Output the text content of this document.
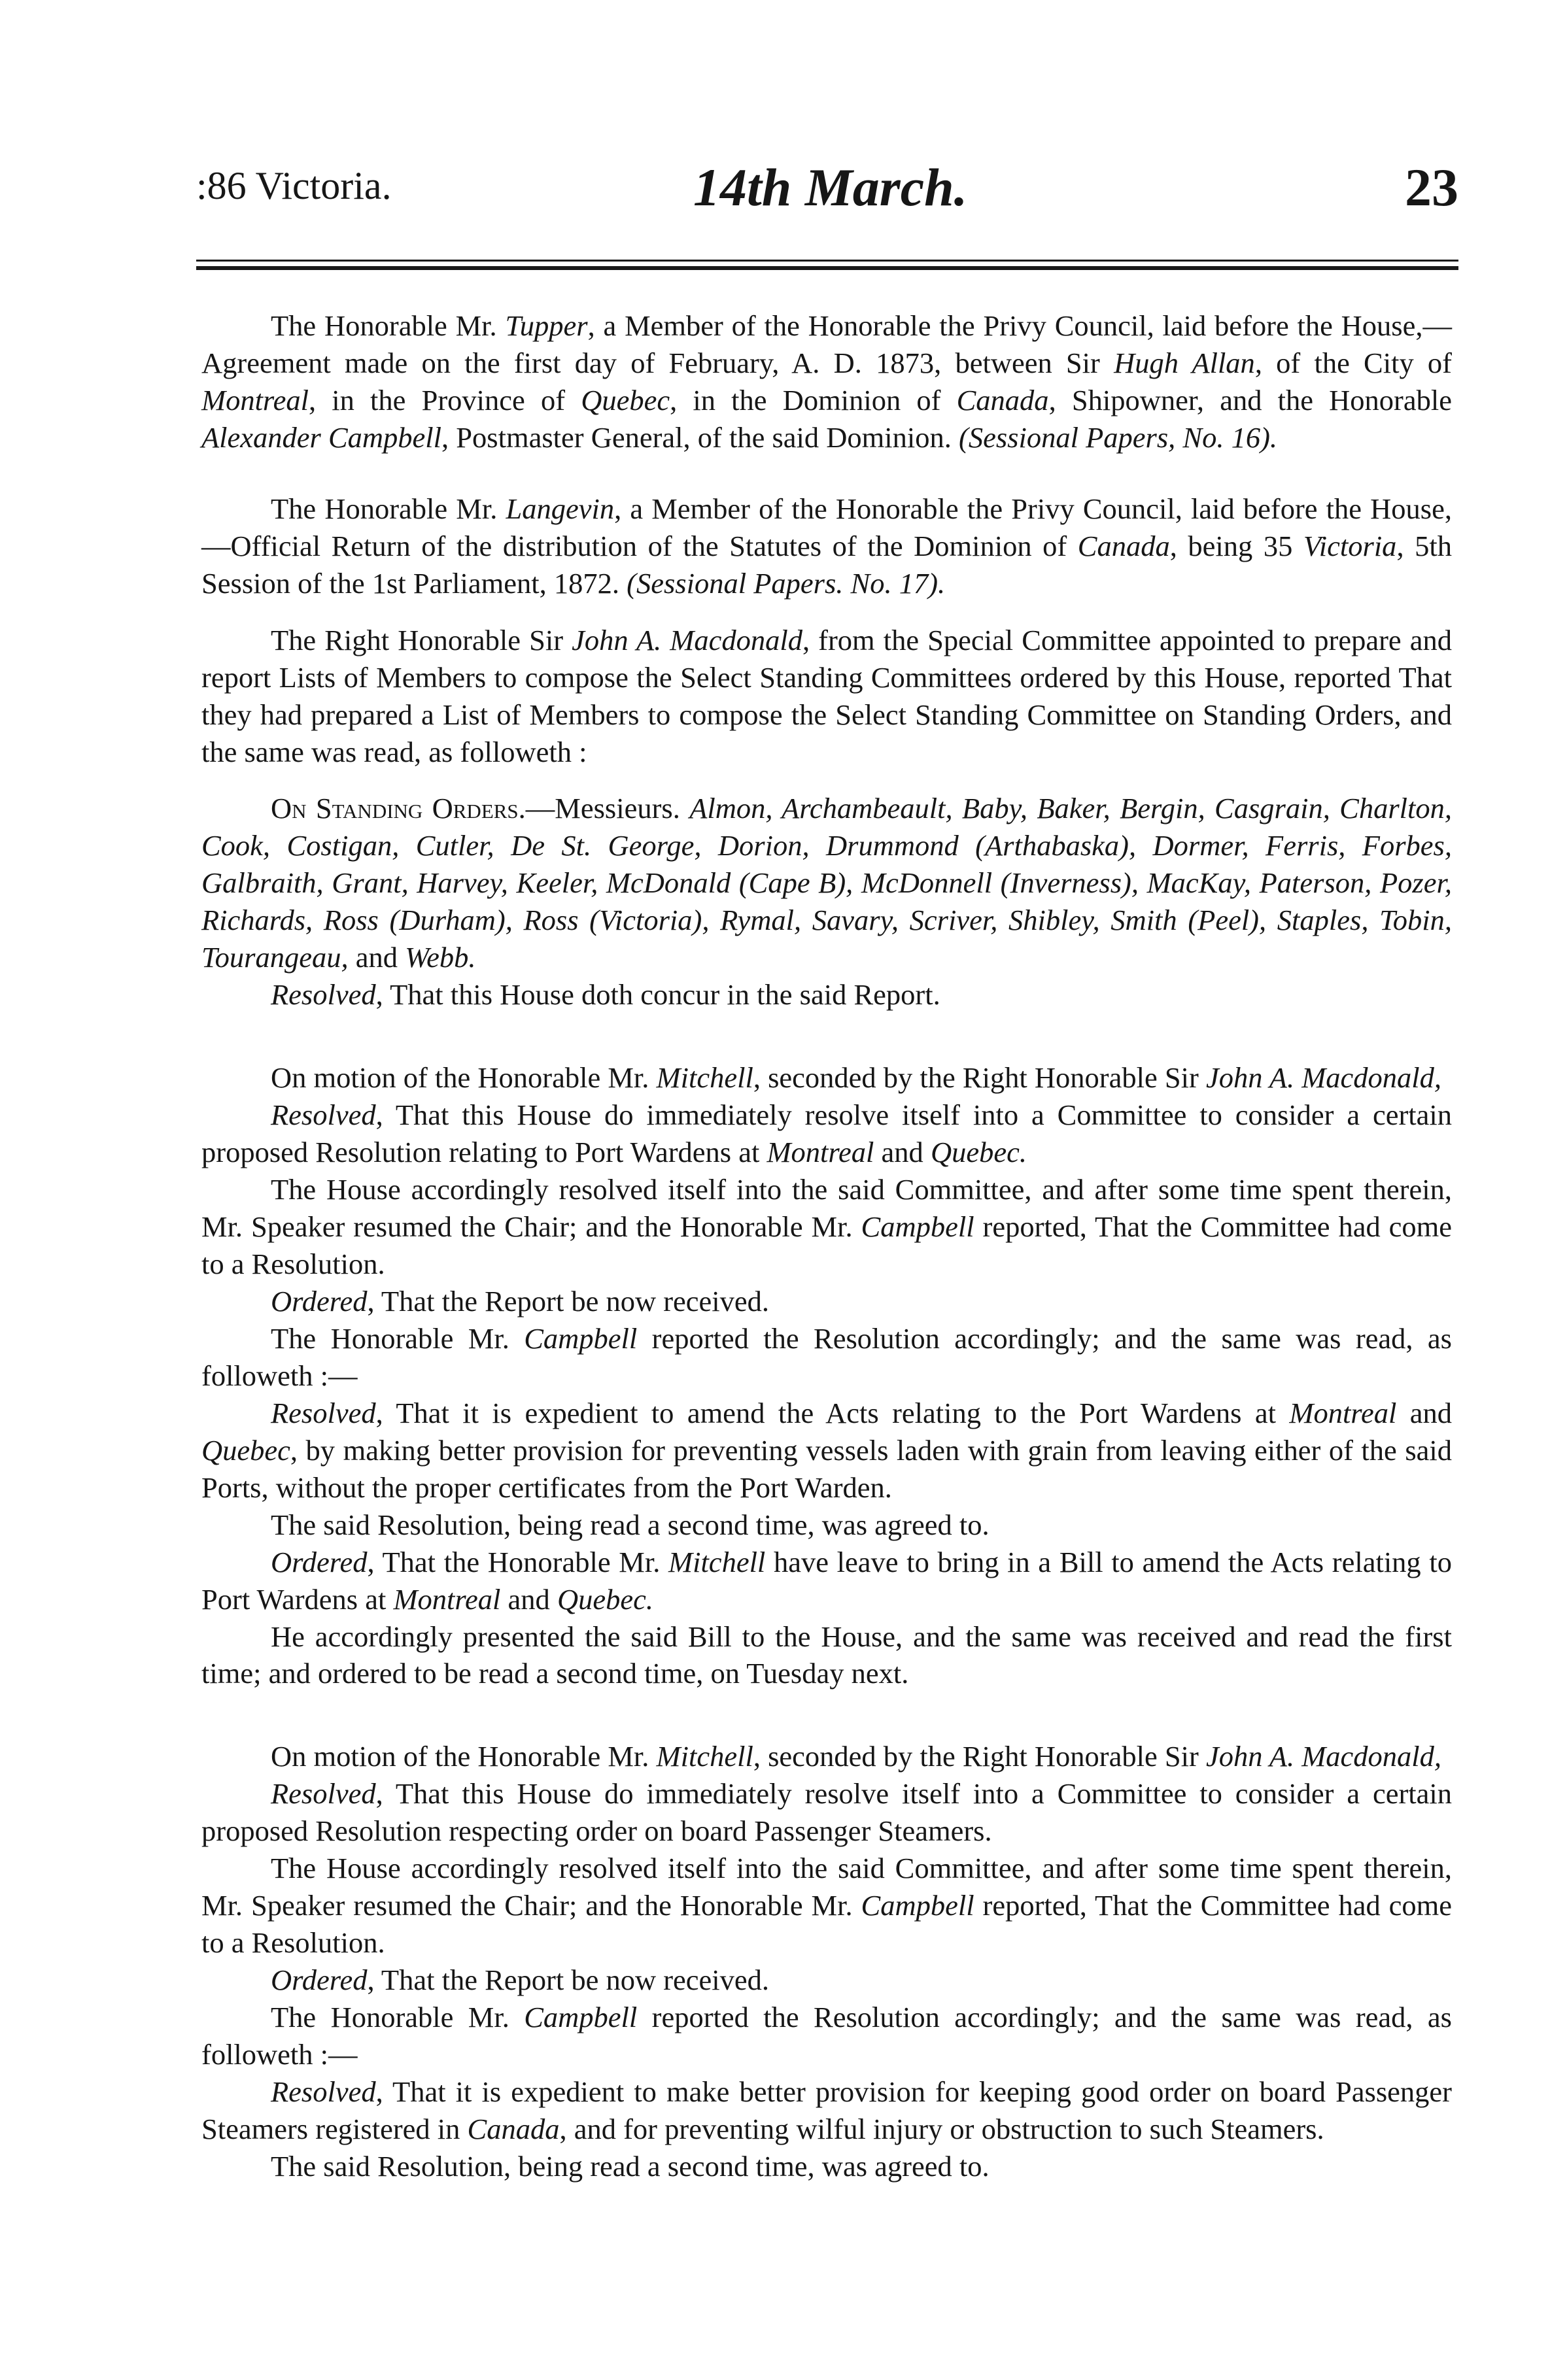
:86 Victoria.	14th March.	23

The Honorable Mr. Tupper, a Member of the Honorable the Privy Council, laid before the House,—Agreement made on the first day of February, A. D. 1873, between Sir Hugh Allan, of the City of Montreal, in the Province of Quebec, in the Dominion of Canada, Shipowner, and the Honorable Alexander Campbell, Postmaster General, of the said Dominion. (Sessional Papers, No. 16).

The Honorable Mr. Langevin, a Member of the Honorable the Privy Council, laid before the House,—Official Return of the distribution of the Statutes of the Dominion of Canada, being 35 Victoria, 5th Session of the 1st Parliament, 1872. (Sessional Papers. No. 17).

The Right Honorable Sir John A. Macdonald, from the Special Committee appointed to prepare and report Lists of Members to compose the Select Standing Committees ordered by this House, reported That they had prepared a List of Members to compose the Select Standing Committee on Standing Orders, and the same was read, as followeth :

On Standing Orders.—Messieurs. Almon, Archambeault, Baby, Baker, Bergin, Casgrain, Charlton, Cook, Costigan, Cutler, De St. George, Dorion, Drummond (Arthabaska), Dormer, Ferris, Forbes, Galbraith, Grant, Harvey, Keeler, McDonald (Cape B), McDonnell (Inverness), MacKay, Paterson, Pozer, Richards, Ross (Durham), Ross (Victoria), Rymal, Savary, Scriver, Shibley, Smith (Peel), Staples, Tobin, Tourangeau, and Webb.

Resolved, That this House doth concur in the said Report.

On motion of the Honorable Mr. Mitchell, seconded by the Right Honorable Sir John A. Macdonald,

Resolved, That this House do immediately resolve itself into a Committee to consider a certain proposed Resolution relating to Port Wardens at Montreal and Quebec.

The House accordingly resolved itself into the said Committee, and after some time spent therein, Mr. Speaker resumed the Chair; and the Honorable Mr. Campbell reported, That the Committee had come to a Resolution.

Ordered, That the Report be now received.

The Honorable Mr. Campbell reported the Resolution accordingly; and the same was read, as followeth :—

Resolved, That it is expedient to amend the Acts relating to the Port Wardens at Montreal and Quebec, by making better provision for preventing vessels laden with grain from leaving either of the said Ports, without the proper certificates from the Port Warden.

The said Resolution, being read a second time, was agreed to.

Ordered, That the Honorable Mr. Mitchell have leave to bring in a Bill to amend the Acts relating to Port Wardens at Montreal and Quebec.

He accordingly presented the said Bill to the House, and the same was received and read the first time; and ordered to be read a second time, on Tuesday next.

On motion of the Honorable Mr. Mitchell, seconded by the Right Honorable Sir John A. Macdonald,

Resolved, That this House do immediately resolve itself into a Committee to consider a certain proposed Resolution respecting order on board Passenger Steamers.

The House accordingly resolved itself into the said Committee, and after some time spent therein, Mr. Speaker resumed the Chair; and the Honorable Mr. Campbell reported, That the Committee had come to a Resolution.

Ordered, That the Report be now received.

The Honorable Mr. Campbell reported the Resolution accordingly; and the same was read, as followeth :—

Resolved, That it is expedient to make better provision for keeping good order on board Passenger Steamers registered in Canada, and for preventing wilful injury or obstruction to such Steamers.

The said Resolution, being read a second time, was agreed to.
